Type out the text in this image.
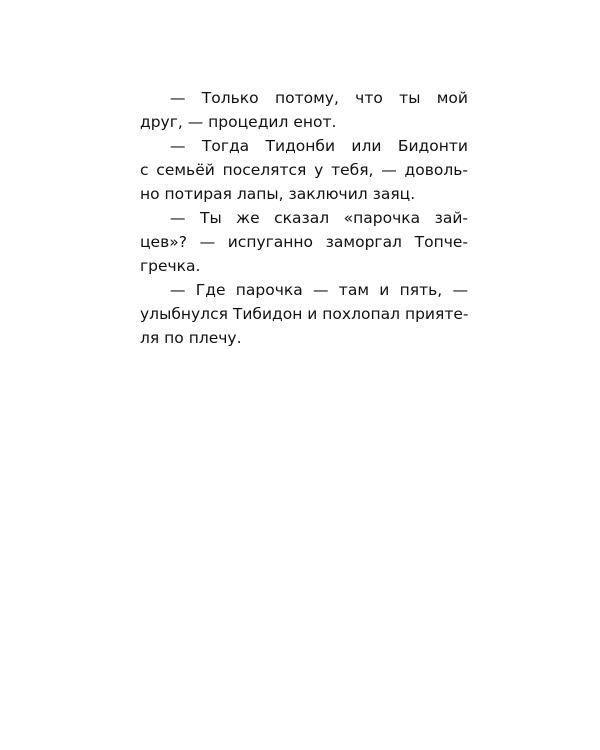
— Только потому, что ты мой
друг, — процедил енот.
— Тогда Тидонби или Бидонти
с семьёй поселятся у тебя, — доволь-
но потирая лапы, заключил заяц.
— Ты же сказал «парочка зай-
цев»? — испуганно заморгал Топче-
гречка.
— Где парочка — там и пять, —
улыбнулся Тибидон и похлопал прияте-
ля по плечу.
